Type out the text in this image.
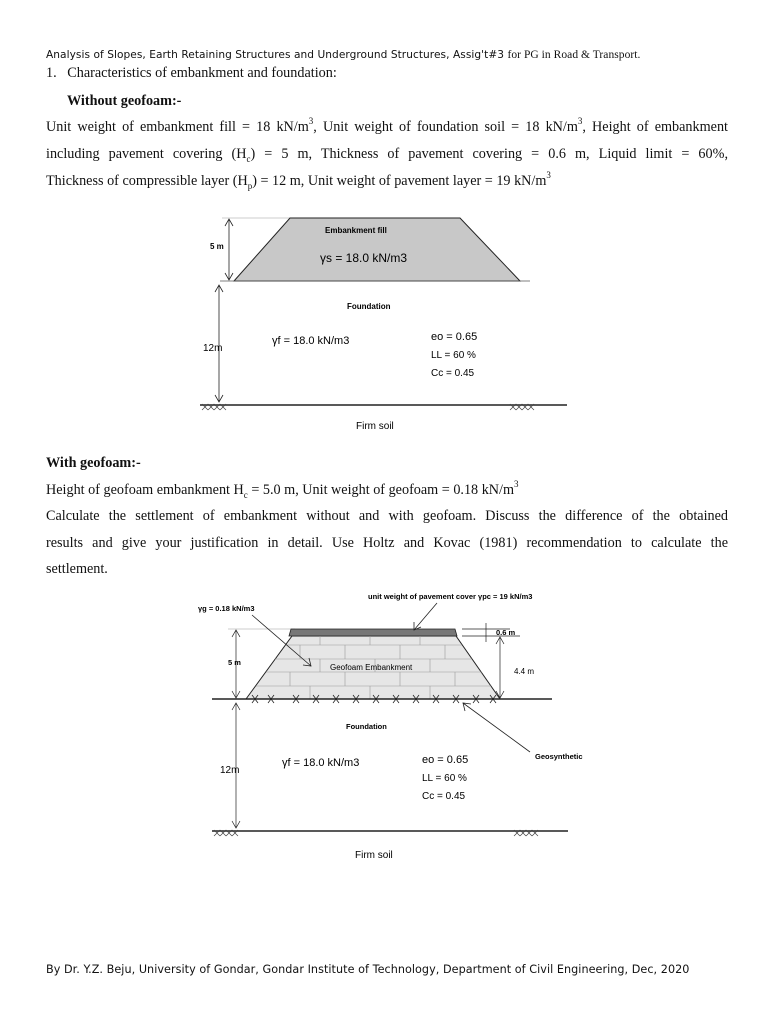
Analysis of Slopes, Earth Retaining Structures and Underground Structures, Assig't#3 for PG in Road & Transport.
1. Characteristics of embankment and foundation:
Without geofoam:-
Unit weight of embankment fill = 18 $kN/m^3$, Unit weight of foundation soil = 18 $kN/m^3$, Height of embankment
including pavement covering $(H_c) = 5$ m, Thickness of pavement covering = 0.6 m, Liquid limit = 60%,
Thickness of compressible layer $(H_p) = 12$ m, Unit weight of pavement layer = 19 $kN/m^3$
5 m
Embankment fill
γs = 18.0 kN/m3
Foundation
12m
γf = 18.0 kN/m3	eo = 0.65
LL = 60 %
Cc = 0.45
Firm soil
With geofoam:-
Height of geofoam embankment $H_c = 5.0$ m, Unit weight of geofoam = 0.18 $kN/m^3$
Calculate the settlement of embankment without and with geofoam. Discuss the difference of the obtained
results and give your justification in detail. Use Holtz and Kovac (1981) recommendation to calculate the
settlement.
γg = 0.18 kN/m3
unit weight of pavement cover γpc = 19 kN/m3
0.6 m
4.4 m
5 m
Geofoam Embankment
Foundation
Geosynthetic
12m
γf = 18.0 kN/m3	eo = 0.65
LL = 60 %
Cc = 0.45
Firm soil
By Dr. Y.Z. Beju, University of Gondar, Gondar Institute of Technology, Department of Civil Engineering, Dec, 2020
